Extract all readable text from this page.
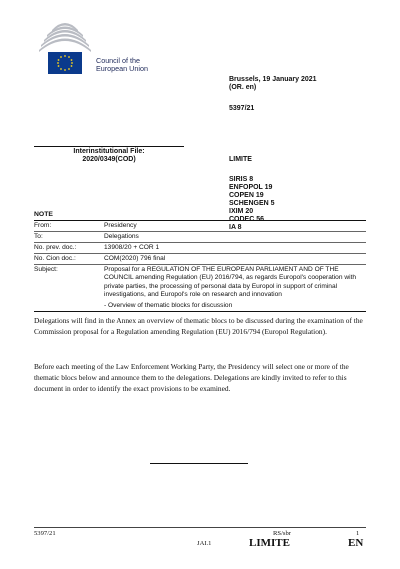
Council of the
European Union
Brussels, 19 January 2021
(OR. en)
5397/21
LIMITE
SIRIS 8
ENFOPOL 19
COPEN 19
SCHENGEN 5
IXIM 20
CODEC 56
IA 8
Interinstitutional File:
2020/0349(COD)
NOTE
From:	Presidency
To:	Delegations
No. prev. doc.:	13908/20 + COR 1
No. Cion doc.:	COM(2020) 796 final
Subject:	Proposal for a REGULATION OF THE EUROPEAN PARLIAMENT AND OF THE COUNCIL amending Regulation (EU) 2016/794, as regards Europol's cooperation with private parties, the processing of personal data by Europol in support of criminal investigations, and Europol's role on research and innovation
- Overview of thematic blocks for discussion
Delegations will find in the Annex an overview of thematic blocs to be discussed during the examination of the Commission proposal for a Regulation amending Regulation (EU) 2016/794 (Europol Regulation).
Before each meeting of the Law Enforcement Working Party, the Presidency will select one or more of the thematic blocs below and announce them to the delegations. Delegations are kindly invited to refer to this document in order to identify the exact provisions to be examined.
5397/21	RS/sbr	1
JAI.1	LIMITE	EN
